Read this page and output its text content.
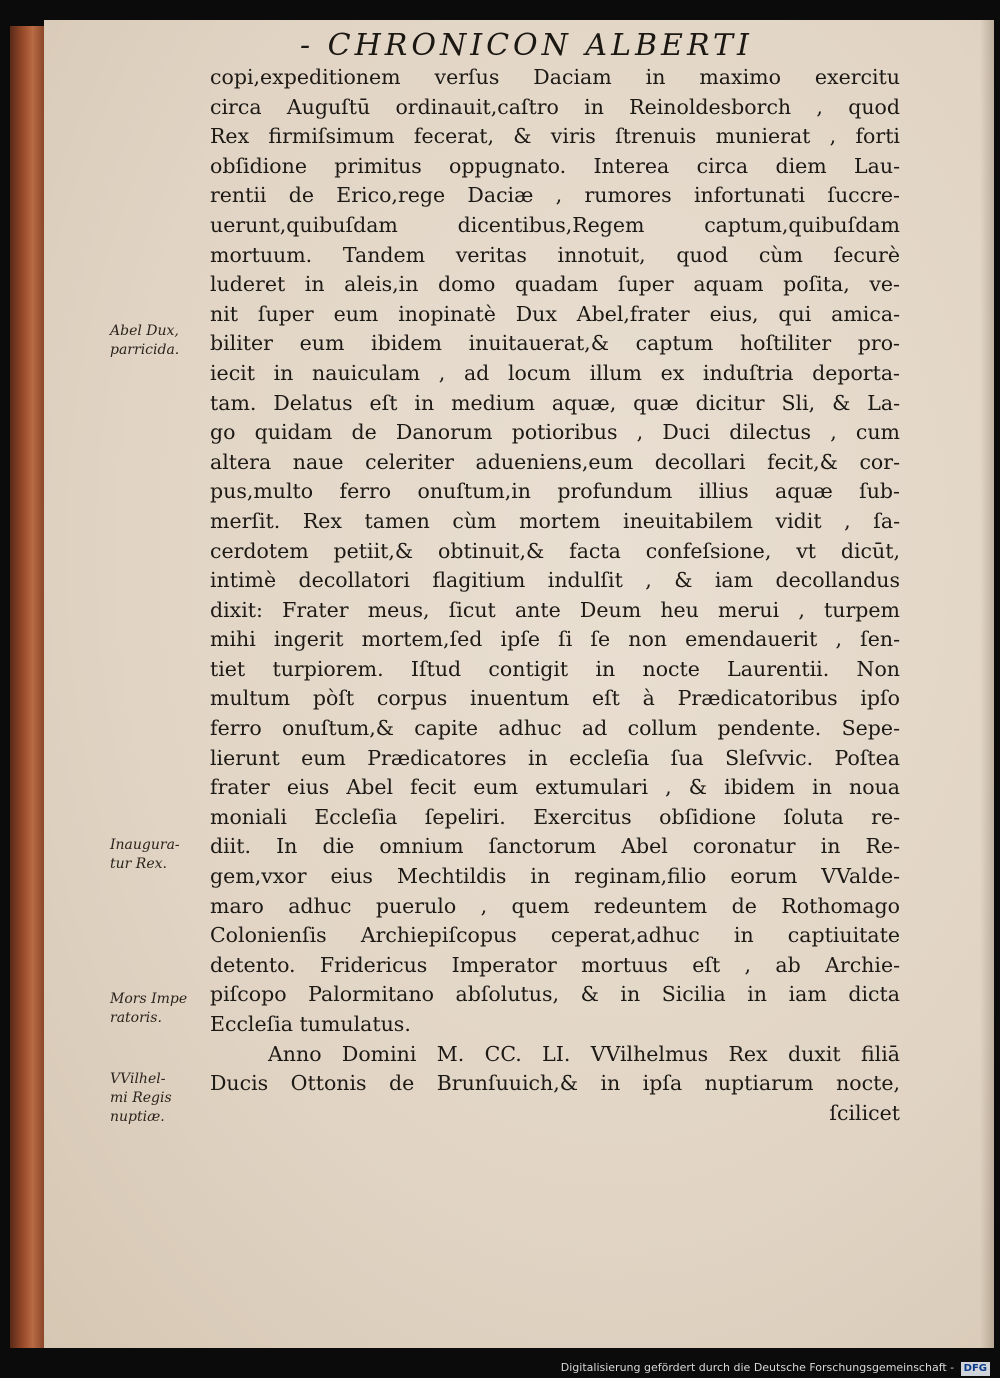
- CHRONICON ALBERTI
copi,expeditionem verſus Daciam in maximo exercitu
circa Auguſtū ordinauit,caſtro in Reinoldesborch , quod
Rex firmiſsimum fecerat, & viris ſtrenuis munierat , forti
obſidione primitus oppugnato. Interea circa diem Lau-
rentii de Erico,rege Daciæ , rumores infortunati ſuccre-
uerunt,quibuſdam dicentibus,Regem captum,quibuſdam
mortuum. Tandem veritas innotuit, quod cùm ſecurè
luderet in aleis,in domo quadam ſuper aquam poſita, ve-
nit ſuper eum inopinatè Dux Abel,frater eius, qui amica-
biliter eum ibidem inuitauerat,& captum hoſtiliter pro-
iecit in nauiculam , ad locum illum ex induſtria deporta-
tam. Delatus eſt in medium aquæ, quæ dicitur Sli, & La-
go quidam de Danorum potioribus , Duci dilectus , cum
altera naue celeriter adueniens,eum decollari fecit,& cor-
pus,multo ferro onuſtum,in profundum illius aquæ ſub-
merſit. Rex tamen cùm mortem ineuitabilem vidit , ſa-
cerdotem petiit,& obtinuit,& facta confeſsione, vt dicūt,
intimè decollatori flagitium indulſit , & iam decollandus
dixit: Frater meus, ſicut ante Deum heu merui , turpem
mihi ingerit mortem,ſed ipſe ſi ſe non emendauerit , ſen-
tiet turpiorem. Iſtud contigit in nocte Laurentii. Non
multum pòſt corpus inuentum eſt à Prædicatoribus ipſo
ferro onuſtum,& capite adhuc ad collum pendente. Sepe-
lierunt eum Prædicatores in eccleſia ſua Sleſvvic. Poſtea
frater eius Abel fecit eum extumulari , & ibidem in noua
moniali Eccleſia ſepeliri. Exercitus obſidione ſoluta re-
diit. In die omnium ſanctorum Abel coronatur in Re-
gem,vxor eius Mechtildis in reginam,filio eorum VValde-
maro adhuc puerulo , quem redeuntem de Rothomago
Colonienſis Archiepiſcopus ceperat,adhuc in captiuitate
detento. Fridericus Imperator mortuus eſt , ab Archie-
piſcopo Palormitano abſolutus, & in Sicilia in iam dicta
Eccleſia tumulatus.
Anno Domini M. CC. LI. VVilhelmus Rex duxit filiā
Ducis Ottonis de Brunſuuich,& in ipſa nuptiarum nocte,
ſcilicet
Abel Dux,
parricida.
Inaugura-
tur Rex.
Mors Impe
ratoris.
VVilhel-
mi Regis
nuptiæ.
Digitalisierung gefördert durch die Deutsche Forschungsgemeinschaft - DFG
